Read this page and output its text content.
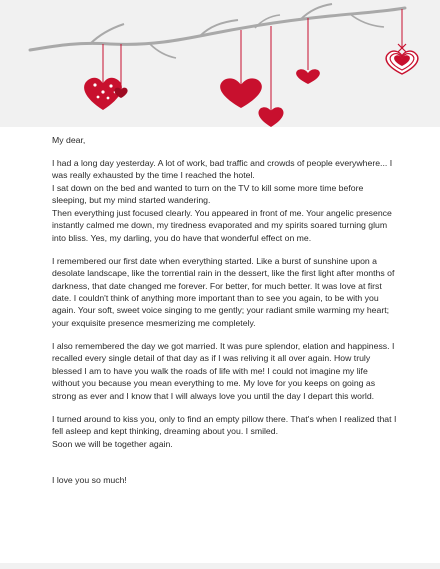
My dear,

I had a long day yesterday. A lot of work, bad traffic and crowds of people everywhere... I was really exhausted by the time I reached the hotel.
I sat down on the bed and wanted to turn on the TV to kill some more time before sleeping, but my mind started wandering.
Then everything just focused clearly. You appeared in front of me. Your angelic presence instantly calmed me down, my tiredness evaporated and my spirits soared turning glum into bliss. Yes, my darling, you do have that wonderful effect on me.

I remembered our first date when everything started. Like a burst of sunshine upon a desolate landscape, like the torrential rain in the dessert, like the first light after months of darkness, that date changed me forever. For better, for much better. It was love at first date. I couldn't think of anything more important than to see you again, to be with you again. Your soft, sweet voice singing to me gently; your radiant smile warming my heart; your exquisite presence mesmerizing me completely.

I also remembered the day we got married. It was pure splendor, elation and happiness. I recalled every single detail of that day as if I was reliving it all over again. How truly blessed I am to have you walk the roads of life with me! I could not imagine my life without you because you mean everything to me. My love for you keeps on going as strong as ever and I know that I will always love you until the day I depart this world.

I turned around to kiss you, only to find an empty pillow there. That's when I realized that I fell asleep and kept thinking, dreaming about you. I smiled.
Soon we will be together again.

I love you so much!
